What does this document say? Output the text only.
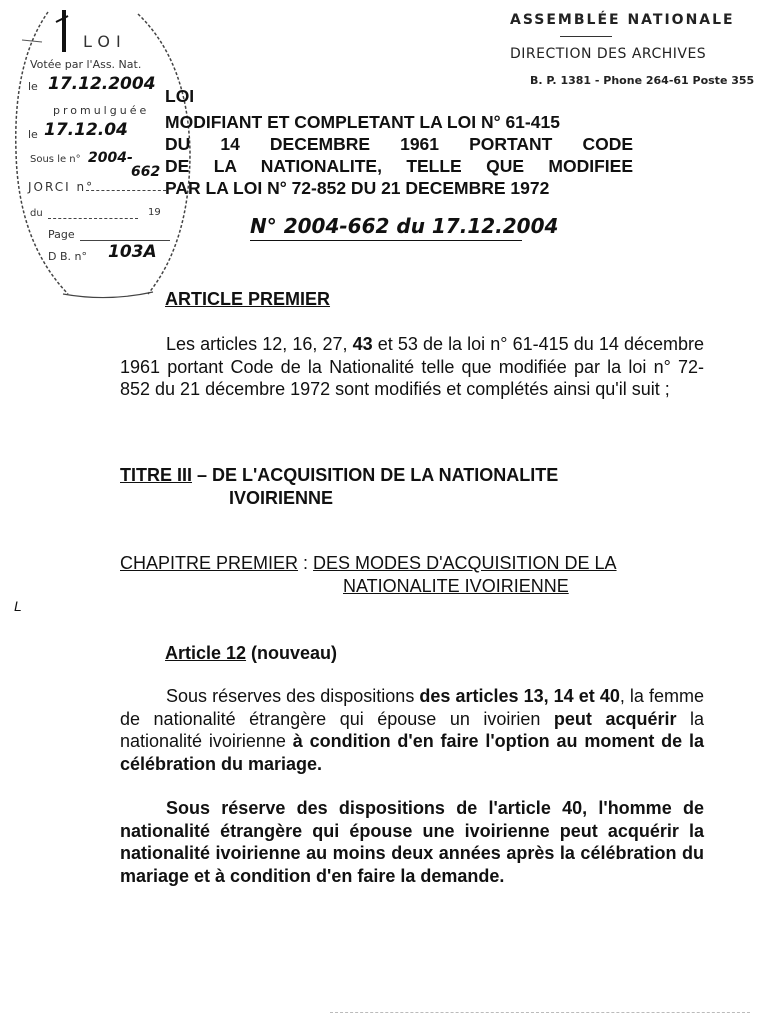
LOI
Votée par l'Ass. Nat.
le 17.12.2004
promulguée
le 17.12.04
Sous le n° 2004-
662
JORCI n°
du	19
Page
D B. n° 103A
ASSEMBLÉE NATIONALE
DIRECTION DES ARCHIVES
B. P. 1381 - Phone 264-61 Poste 355
LOI
MODIFIANT ET COMPLETANT LA LOI N° 61-415
DU 14 DECEMBRE 1961 PORTANT CODE
DE LA NATIONALITE, TELLE QUE MODIFIEE
PAR LA LOI N° 72-852 DU 21 DECEMBRE 1972
N° 2004-662 du 17.12.2004
ARTICLE PREMIER
Les articles 12, 16, 27, 43 et 53 de la loi n° 61-415 du 14 décembre 1961 portant Code de la Nationalité telle que modifiée par la loi n° 72-852 du 21 décembre 1972 sont modifiés et complétés ainsi qu'il suit ;
TITRE III – DE L'ACQUISITION DE LA NATIONALITE
IVOIRIENNE
CHAPITRE PREMIER : DES MODES D'ACQUISITION DE LA
NATIONALITE IVOIRIENNE
L
Article 12 (nouveau)
Sous réserves des dispositions des articles 13, 14 et 40, la femme de nationalité étrangère qui épouse un ivoirien peut acquérir la nationalité ivoirienne à condition d'en faire l'option au moment de la célébration du mariage.
Sous réserve des dispositions de l'article 40, l'homme de nationalité étrangère qui épouse une ivoirienne peut acquérir la nationalité ivoirienne au moins deux années après la célébration du mariage et à condition d'en faire la demande.
